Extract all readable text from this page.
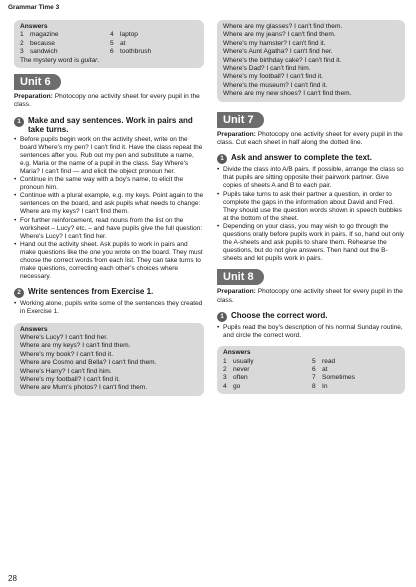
Grammar Time 3
Answers
1 magazine	4 laptop
2 because	5 at
3 sandwich	6 toothbrush
The mystery word is guitar.
Unit 6
Preparation: Photocopy one activity sheet for every pupil in the class.
1 Make and say sentences. Work in pairs and take turns.
• Before pupils begin work on the activity sheet, write on the board Where's my pen? I can't find it. Have the class repeat the sentences after you. Rub out my pen and substitute a name, e.g. Maria or the name of a pupil in the class. Say Where's Maria? I can't find — and elicit the object pronoun her.
• Continue in the same way with a boy's name, to elicit the pronoun him.
• Continue with a plural example, e.g. my keys. Point again to the sentences on the board, and ask pupils what needs to change: Where are my keys? I can't find them.
• For further reinforcement, read nouns from the list on the worksheet – Lucy? etc. – and have pupils give the full question: Where's Lucy? I can't find her.
• Hand out the activity sheet. Ask pupils to work in pairs and make questions like the one you wrote on the board. They must choose the correct words from each list. They can take turns to make questions, correcting each other's choices where necessary.
2 Write sentences from Exercise 1.
• Working alone, pupils write some of the sentences they created in Exercise 1.
Answers
Where's Lucy? I can't find her.
Where are my keys? I can't find them.
Where's my book? I can't find it.
Where are Cosmo and Bella? I can't find them.
Where's Harry? I can't find him.
Where's my football? I can't find it.
Where are Mum's photos? I can't find them.
Where are my glasses? I can't find them.
Where are my jeans? I can't find them.
Where's my hamster? I can't find it.
Where's Aunt Agatha? I can't find her.
Where's the birthday cake? I can't find it.
Where's Dad? I can't find him.
Where's my football? I can't find it.
Where's the museum? I can't find it.
Where are my new shoes? I can't find them.
Unit 7
Preparation: Photocopy one activity sheet for every pupil in the class. Cut each sheet in half along the dotted line.
1 Ask and answer to complete the text.
• Divide the class into A/B pairs. If possible, arrange the class so that pupils are sitting opposite their pairwork partner. Give copies of sheets A and B to each pair.
• Pupils take turns to ask their partner a question, in order to complete the gaps in the information about David and Fred. They should use the question words shown in speech bubbles at the bottom of the sheet.
• Depending on your class, you may wish to go through the questions orally before pupils work in pairs. If so, hand out only the A-sheets and ask pupils to share them. Rehearse the questions, but do not give answers. Then hand out the B-sheets and let pupils work in pairs.
Unit 8
Preparation: Photocopy one activity sheet for every pupil in the class.
1 Choose the correct word.
• Pupils read the boy's description of his normal Sunday routine, and circle the correct word.
Answers
1 usually	5 read
2 never	6 at
3 often	7 Sometimes
4 go	8 In
28
